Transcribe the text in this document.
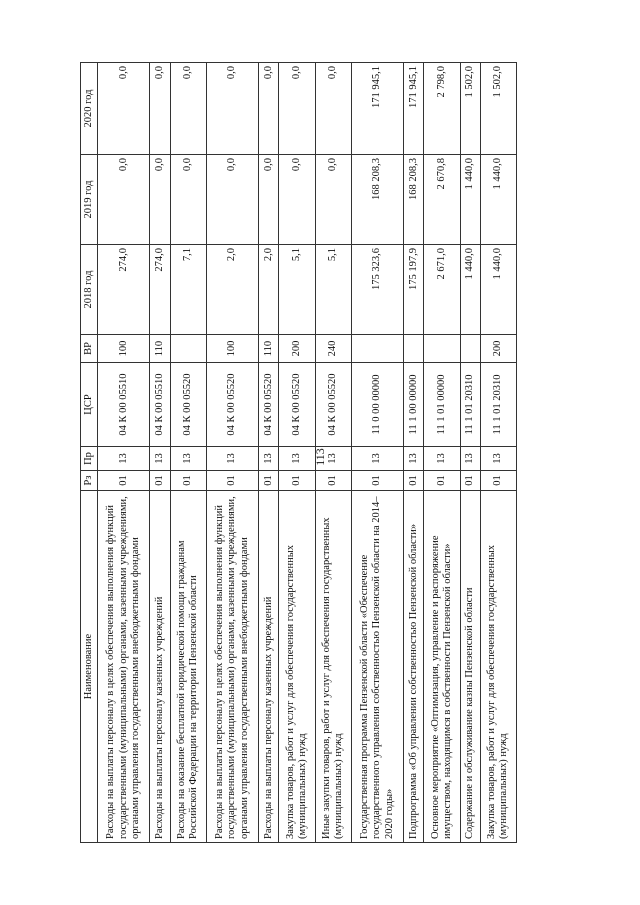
113
Наименование	Рз	Пр	ЦСР	ВР	2018 год	2019 год	2020 год
Расходы на выплаты персоналу в целях обеспечения выполнения функций государственными (муниципальными) органами, казенными учреждениями, органами управления государственными внебюджетными фондами	01	13	04 К 00 05510	100	274,0	0,0	0,0
Расходы на выплаты персоналу казенных учреждений	01	13	04 К 00 05510	110	274,0	0,0	0,0
Расходы на оказание бесплатной юридической помощи гражданам Российской Федерации на территории Пензенской области	01	13	04 К 00 05520		7,1	0,0	0,0
Расходы на выплаты персоналу в целях обеспечения выполнения функций государственными (муниципальными) органами, казенными учреждениями, органами управления государственными внебюджетными фондами	01	13	04 К 00 05520	100	2,0	0,0	0,0
Расходы на выплаты персоналу казенных учреждений	01	13	04 К 00 05520	110	2,0	0,0	0,0
Закупка товаров, работ и услуг для обеспечения государственных (муниципальных) нужд	01	13	04 К 00 05520	200	5,1	0,0	0,0
Иные закупки товаров, работ и услуг для обеспечения государственных (муниципальных) нужд	01	13	04 К 00 05520	240	5,1	0,0	0,0
Государственная программа Пензенской области «Обеспечение государственного управления собственностью Пензенской области на 2014–2020 годы»	01	13	11 0 00 00000		175 323,6	168 208,3	171 945,1
Подпрограмма «Об управлении собственностью Пензенской области»	01	13	11 1 00 00000		175 197,9	168 208,3	171 945,1
Основное мероприятие «Оптимизация, управление и распоряжение имуществом, находящимся в собственности Пензенской области»	01	13	11 1 01 00000		2 671,0	2 670,8	2 798,0
Содержание и обслуживание казны Пензенской области	01	13	11 1 01 20310		1 440,0	1 440,0	1 502,0
Закупка товаров, работ и услуг для обеспечения государственных (муниципальных) нужд	01	13	11 1 01 20310	200	1 440,0	1 440,0	1 502,0
